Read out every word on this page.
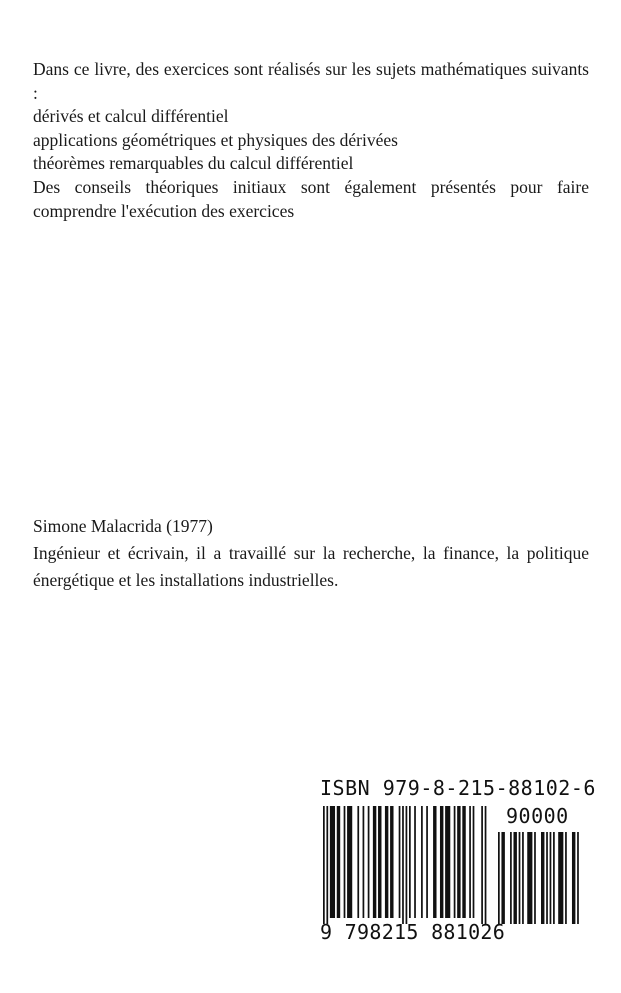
Dans ce livre, des exercices sont réalisés sur les sujets mathématiques suivants :

dérivés et calcul différentiel

applications géométriques et physiques des dérivées

théorèmes remarquables du calcul différentiel

Des conseils théoriques initiaux sont également présentés pour faire comprendre l'exécution des exercices

Simone Malacrida (1977)

Ingénieur et écrivain, il a travaillé sur la recherche, la finance, la politique énergétique et les installations industrielles.

ISBN 979-8-215-88102-6
90000
9 798215 881026
